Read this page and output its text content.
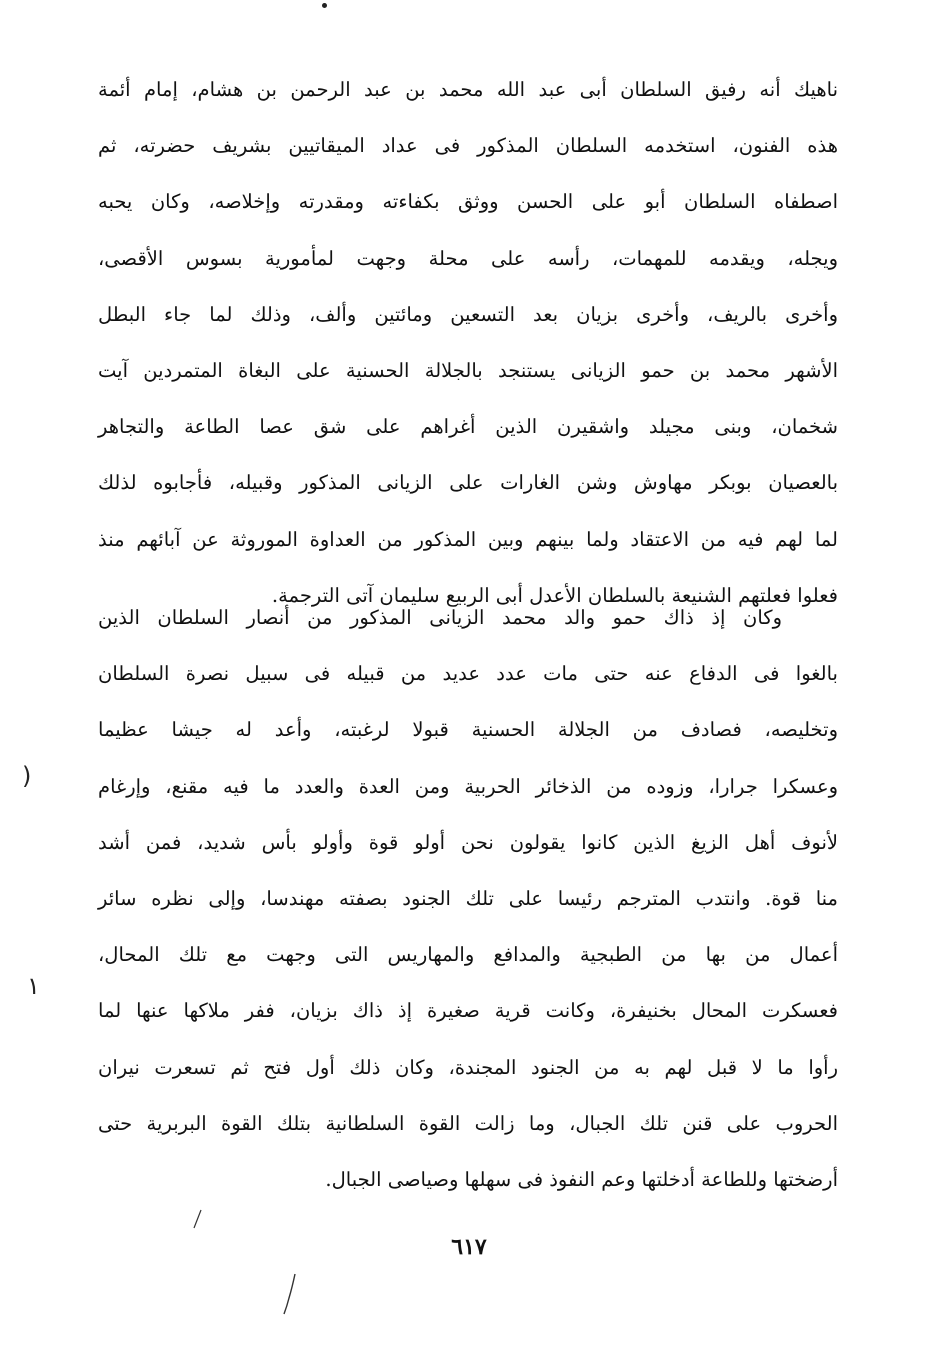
ناهيك أنه رفيق السلطان أبى عبد الله محمد بن عبد الرحمن بن هشام، إمام أئمة
هذه الفنون، استخدمه السلطان المذكور فى عداد الميقاتيين بشريف حضرته، ثم
اصطفاه السلطان أبو على الحسن ووثق بكفاءته ومقدرته وإخلاصه، وكان يحبه
ويجله، ويقدمه للمهمات، رأسه على محلة وجهت لمأمورية بسوس الأقصى،
وأخرى بالريف، وأخرى بزيان بعد التسعين ومائتين وألف، وذلك لما جاء البطل
الأشهر محمد بن حمو الزيانى يستنجد بالجلالة الحسنية على البغاة المتمردين آيت
شخمان، وبنى مجيلد واشقيرن الذين أغراهم على شق عصا الطاعة والتجاهر
بالعصيان بوبكر مهاوش وشن الغارات على الزيانى المذكور وقبيله، فأجابوه لذلك
لما لهم فيه من الاعتقاد ولما بينهم وبين المذكور من العداوة الموروثة عن آبائهم منذ
فعلوا فعلتهم الشنيعة بالسلطان الأعدل أبى الربيع سليمان آتى الترجمة.
وكان إذ ذاك حمو والد محمد الزيانى المذكور من أنصار السلطان الذين
بالغوا فى الدفاع عنه حتى مات عدد عديد من قبيله فى سبيل نصرة السلطان
وتخليصه، فصادف من الجلالة الحسنية قبولا لرغبته، وأعد له جيشا عظيما
وعسكرا جرارا، وزوده من الذخائر الحربية ومن العدة والعدد ما فيه مقنع، وإرغام
لأنوف أهل الزيغ الذين كانوا يقولون نحن أولو قوة وأولو بأس شديد، فمن أشد
منا قوة. وانتدب المترجم رئيسا على تلك الجنود بصفته مهندسا، وإلى نظره سائر
أعمال من بها من الطبجية والمدافع والمهاريس التى وجهت مع تلك المحال،
فعسكرت المحال بخنيفرة، وكانت قرية صغيرة إذ ذاك بزيان، ففر ملاكها عنها لما
رأوا ما لا قبل لهم به من الجنود المجندة، وكان ذلك أول فتح ثم تسعرت نيران
الحروب على قنن تلك الجبال، وما زالت القوة السلطانية بتلك القوة البربرية حتى
أرضختها وللطاعة أدخلتها وعم النفوذ فى سهلها وصياصى الجبال.
)
١
٦١٧
